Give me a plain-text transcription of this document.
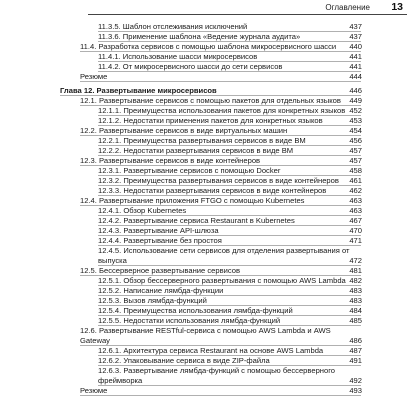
Оглавление 13
11.3.5. Шаблон отслеживания исключений	437
11.3.6. Применение шаблона «Ведение журнала аудита»	437
11.4. Разработка сервисов с помощью шаблона микросервисного шасси	440
11.4.1. Использование шасси микросервисов	441
11.4.2. От микросервисного шасси до сети сервисов	441
Резюме	444
Глава 12. Развертывание микросервисов	446
12.1. Развертывание сервисов с помощью пакетов для отдельных языков	449
12.1.1. Преимущества использования пакетов для конкретных языков 452
12.1.2. Недостатки применения пакетов для конкретных языков	453
12.2. Развертывание сервисов в виде виртуальных машин	454
12.2.1. Преимущества развертывания сервисов в виде ВМ	456
12.2.2. Недостатки развертывания сервисов в виде ВМ	457
12.3. Развертывание сервисов в виде контейнеров	457
12.3.1. Развертывание сервисов с помощью Docker	458
12.3.2. Преимущества развертывания сервисов в виде контейнеров	461
12.3.3. Недостатки развертывания сервисов в виде контейнеров	462
12.4. Развертывание приложения FTGO с помощью Kubernetes	463
12.4.1. Обзор Kubernetes	463
12.4.2. Развертывание сервиса Restaurant в Kubernetes	467
12.4.3. Развертывание API-шлюза	470
12.4.4. Развертывание без простоя	471
12.4.5. Использование сети сервисов для отделения развертывания от выпуска	472
12.5. Бессерверное развертывание сервисов	481
12.5.1. Обзор бессерверного развертывания с помощью AWS Lambda 482
12.5.2. Написание лямбда-функции	483
12.5.3. Вызов лямбда-функций	483
12.5.4. Преимущества использования лямбда-функций	484
12.5.5. Недостатки использования лямбда-функций	485
12.6. Развертывание RESTful-сервиса с помощью AWS Lambda и AWS Gateway	486
12.6.1. Архитектура сервиса Restaurant на основе AWS Lambda	487
12.6.2. Упаковывание сервиса в виде ZIP-файла	491
12.6.3. Развертывание лямбда-функций с помощью бессерверного фреймворка	492
Резюме	493
